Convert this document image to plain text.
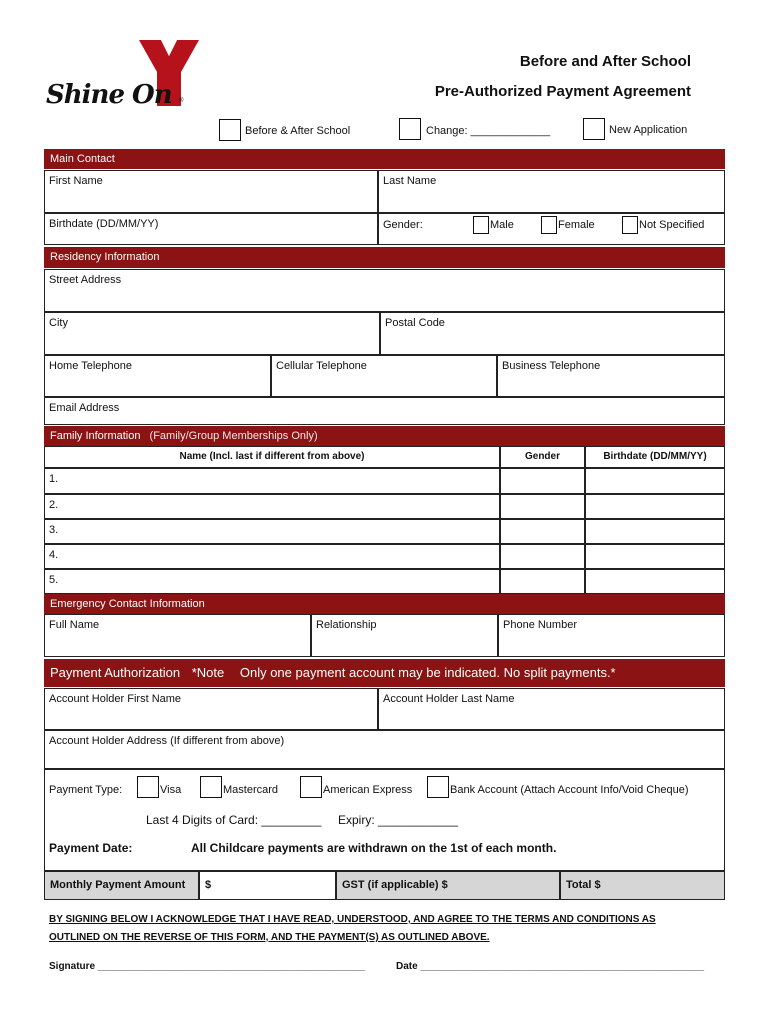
®
Shine On
Before and After School
Pre-Authorized Payment Agreement
Before & After School	Change: _____________	New Application
Main Contact
First Name	Last Name
Birthdate (DD/MM/YY)	Gender:	Male	Female	Not Specified
Residency Information
Street Address
City	Postal Code
Home Telephone	Cellular Telephone	Business Telephone
Email Address
Family Information (Family/Group Memberships Only)
Name (Incl. last if different from above)	Gender	Birthdate (DD/MM/YY)
1.
2.
3.
4.
5.
Emergency Contact Information
Full Name	Relationship	Phone Number
Payment Authorization *Note Only one payment account may be indicated. No split payments.*
Account Holder First Name	Account Holder Last Name
Account Holder Address (If different from above)
Payment Type:	Visa	Mastercard	American Express	Bank Account (Attach Account Info/Void Cheque)
Last 4 Digits of Card: _________ Expiry: ____________
Payment Date:	All Childcare payments are withdrawn on the 1st of each month.
Monthly Payment Amount	$	GST (if applicable) $	Total $
BY SIGNING BELOW I ACKNOWLEDGE THAT I HAVE READ, UNDERSTOOD, AND AGREE TO THE TERMS AND CONDITIONS AS
OUTLINED ON THE REVERSE OF THIS FORM, AND THE PAYMENT(S) AS OUTLINED ABOVE.
Signature ________________________________________________	Date ___________________________________________________
